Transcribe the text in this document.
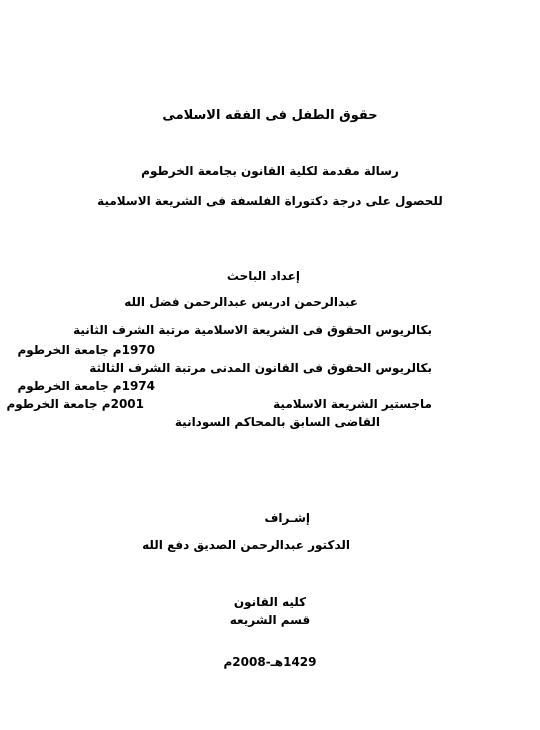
حقوق الطفل فى الفقه الاسلامى
رسالة مقدمة لكلية القانون بجامعة الخرطوم
للحصول على درجة دكتوراة الفلسفة فى الشريعة الاسلامية
إعداد الباحث
عبدالرحمن ادريس عبدالرحمن فضل الله
بكالريوس الحقوق فى الشريعة الاسلامية مرتبة الشرف الثانية
1970م جامعة الخرطوم
بكالريوس الحقوق فى القانون المدنى مرتبة الشرف الثالثة
1974م جامعة الخرطوم
ماجستير الشريعة الاسلامية
2001م جامعة الخرطوم
القاضى السابق بالمحاكم السودانية
إشـراف
الدكتور عبدالرحمن الصديق دفع الله
كليه القانون
قسم الشريعه
1429هـ-2008م
